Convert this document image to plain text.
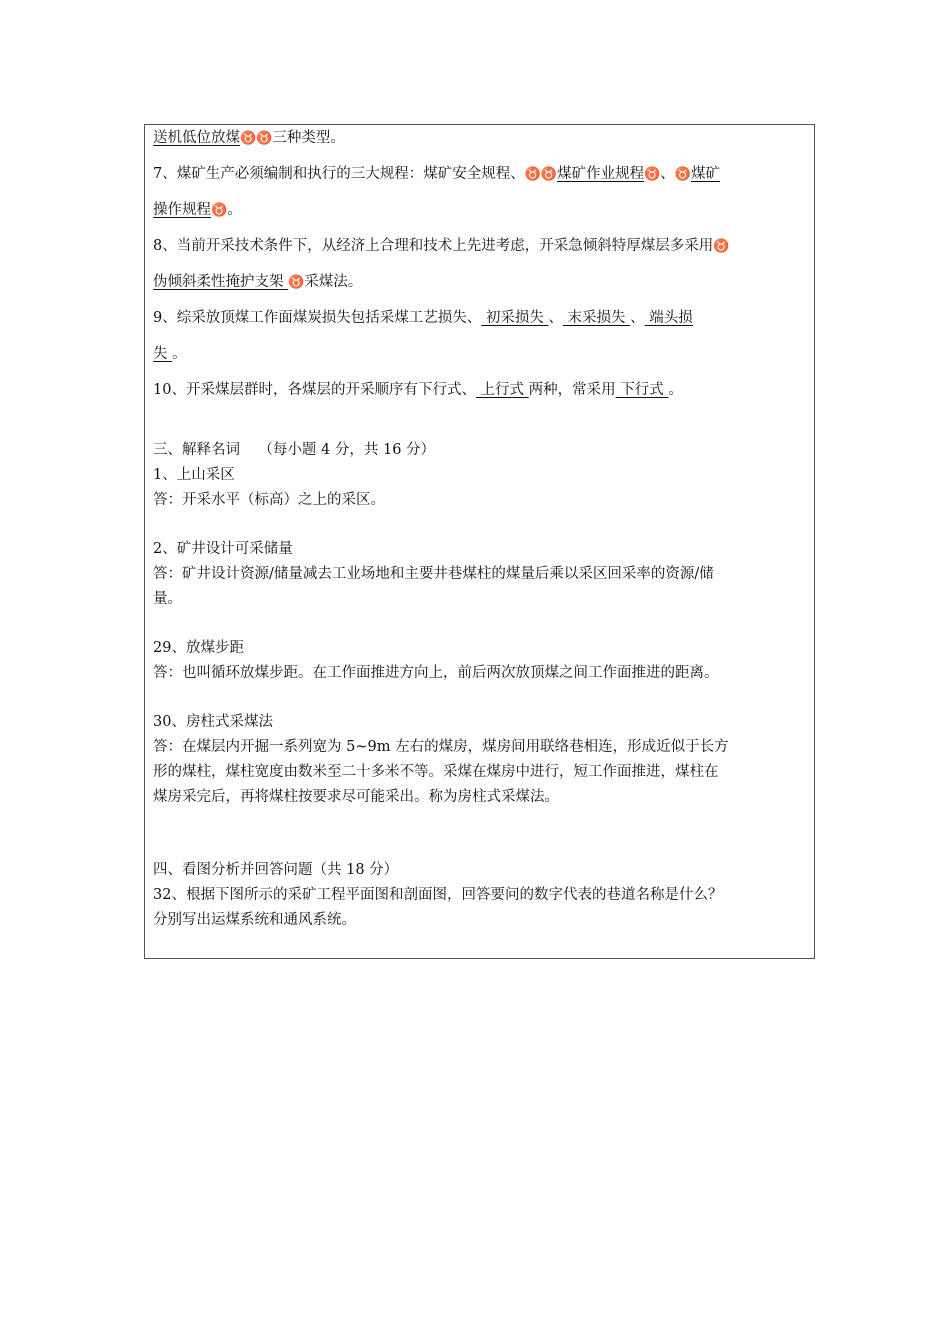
送机低位放煤♉♉三种类型。
7、煤矿生产必须编制和执行的三大规程：煤矿安全规程、♉♉煤矿作业规程♉、♉煤矿
操作规程♉。
8、当前开采技术条件下，从经济上合理和技术上先进考虑，开采急倾斜特厚煤层多采用♉
伪倾斜柔性掩护支架 ♉采煤法。
9、综采放顶煤工作面煤炭损失包括采煤工艺损失、 初采损失 、 末采损失 、 端头损
失 。
10、开采煤层群时，各煤层的开采顺序有下行式、 上行式 两种，常采用 下行式 。
三、解释名词    （每小题 4 分，共 16 分）
1、上山采区
答：开采水平（标高）之上的采区。
2、矿井设计可采储量
答：矿井设计资源/储量减去工业场地和主要井巷煤柱的煤量后乘以采区回采率的资源/储
量。
29、放煤步距
答：也叫循环放煤步距。在工作面推进方向上，前后两次放顶煤之间工作面推进的距离。
30、房柱式采煤法
答：在煤层内开掘一系列宽为 5~9m 左右的煤房，煤房间用联络巷相连，形成近似于长方
形的煤柱，煤柱宽度由数米至二十多米不等。采煤在煤房中进行，短工作面推进，煤柱在
煤房采完后，再将煤柱按要求尽可能采出。称为房柱式采煤法。
四、看图分析并回答问题（共 18 分）
32、根据下图所示的采矿工程平面图和剖面图，回答要问的数字代表的巷道名称是什么？
分别写出运煤系统和通风系统。
